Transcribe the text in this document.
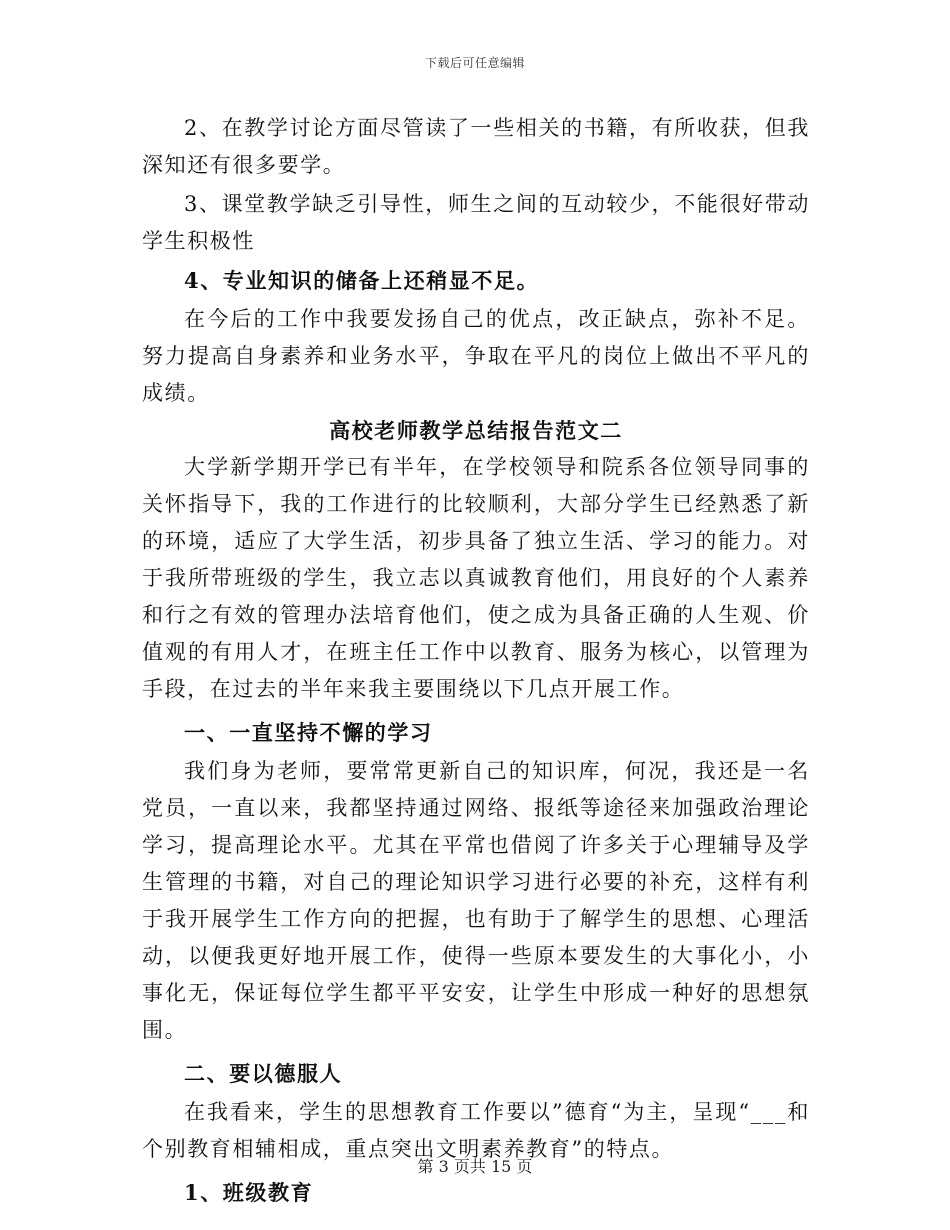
下载后可任意编辑

2、在教学讨论方面尽管读了一些相关的书籍，有所收获，但我深知还有很多要学。

3、课堂教学缺乏引导性，师生之间的互动较少，不能很好带动学生积极性

4、专业知识的储备上还稍显不足。

在今后的工作中我要发扬自己的优点，改正缺点，弥补不足。努力提高自身素养和业务水平，争取在平凡的岗位上做出不平凡的成绩。

高校老师教学总结报告范文二

大学新学期开学已有半年，在学校领导和院系各位领导同事的关怀指导下，我的工作进行的比较顺利，大部分学生已经熟悉了新的环境，适应了大学生活，初步具备了独立生活、学习的能力。对于我所带班级的学生，我立志以真诚教育他们，用良好的个人素养和行之有效的管理办法培育他们，使之成为具备正确的人生观、价值观的有用人才，在班主任工作中以教育、服务为核心，以管理为手段，在过去的半年来我主要围绕以下几点开展工作。

一、一直坚持不懈的学习

我们身为老师，要常常更新自己的知识库，何况，我还是一名党员，一直以来，我都坚持通过网络、报纸等途径来加强政治理论学习，提高理论水平。尤其在平常也借阅了许多关于心理辅导及学生管理的书籍，对自己的理论知识学习进行必要的补充，这样有利于我开展学生工作方向的把握，也有助于了解学生的思想、心理活动，以便我更好地开展工作，使得一些原本要发生的大事化小，小事化无，保证每位学生都平平安安，让学生中形成一种好的思想氛围。

二、要以德服人

在我看来，学生的思想教育工作要以”德育“为主，呈现“___和个别教育相辅相成，重点突出文明素养教育”的特点。

1、班级教育

第 3 页共 15 页
